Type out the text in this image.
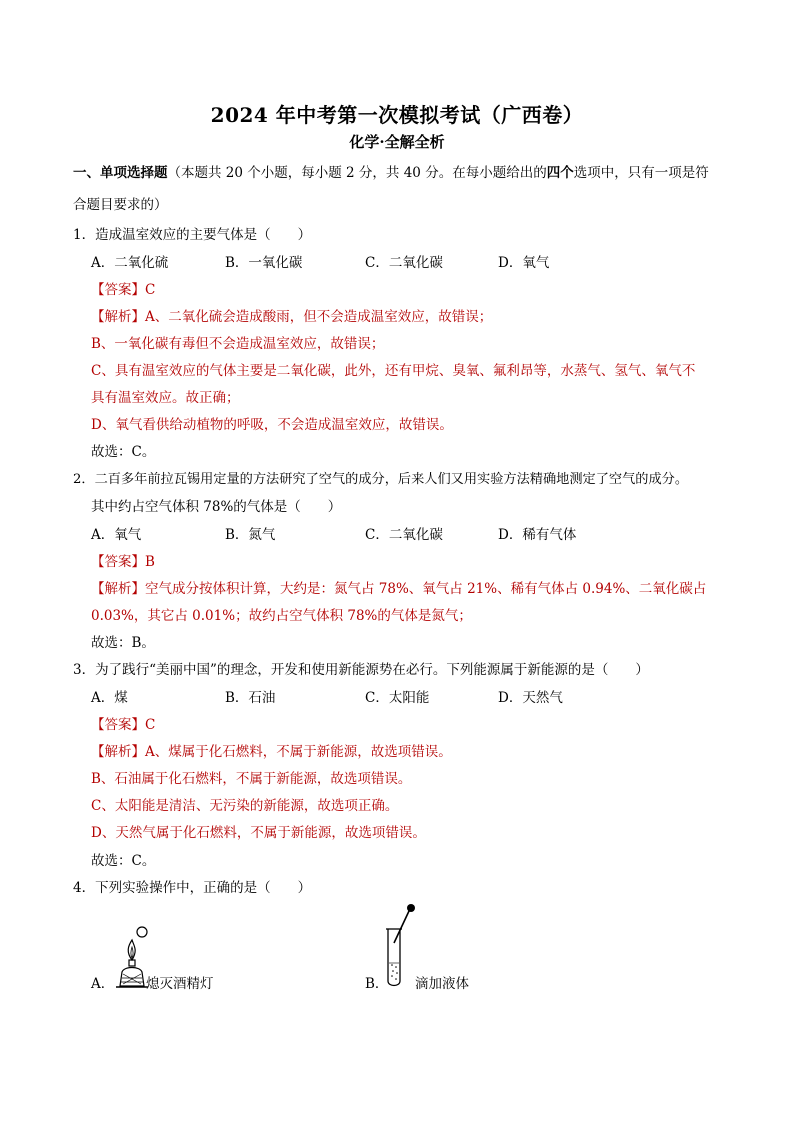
2024 年中考第一次模拟考试（广西卷）
化学·全解全析
一、单项选择题（本题共 20 个小题，每小题 2 分，共 40 分。在每小题给出的四个选项中，只有一项是符
合题目要求的）
1．造成温室效应的主要气体是（　　）
A．二氧化硫	B．一氧化碳	C．二氧化碳	D．氧气
【答案】C
【解析】A、二氧化硫会造成酸雨，但不会造成温室效应，故错误；
B、一氧化碳有毒但不会造成温室效应，故错误；
C、具有温室效应的气体主要是二氧化碳，此外，还有甲烷、臭氧、氟利昂等，水蒸气、氢气、氧气不
具有温室效应。故正确；
D、氧气看供给动植物的呼吸，不会造成温室效应，故错误。
故选：C。
2．二百多年前拉瓦锡用定量的方法研究了空气的成分，后来人们又用实验方法精确地测定了空气的成分。
其中约占空气体积 78%的气体是（　　）
A．氧气	B．氮气	C．二氧化碳	D．稀有气体
【答案】B
【解析】空气成分按体积计算，大约是：氮气占 78%、氧气占 21%、稀有气体占 0.94%、二氧化碳占
0.03%，其它占 0.01%；故约占空气体积 78%的气体是氮气；
故选：B。
3．为了践行“美丽中国”的理念，开发和使用新能源势在必行。下列能源属于新能源的是（　　）
A．煤	B．石油	C．太阳能	D．天然气
【答案】C
【解析】A、煤属于化石燃料，不属于新能源，故选项错误。
B、石油属于化石燃料，不属于新能源，故选项错误。
C、太阳能是清洁、无污染的新能源，故选项正确。
D、天然气属于化石燃料，不属于新能源，故选项错误。
故选：C。
4．下列实验操作中，正确的是（　　）
A． 熄灭酒精灯	B． 滴加液体
